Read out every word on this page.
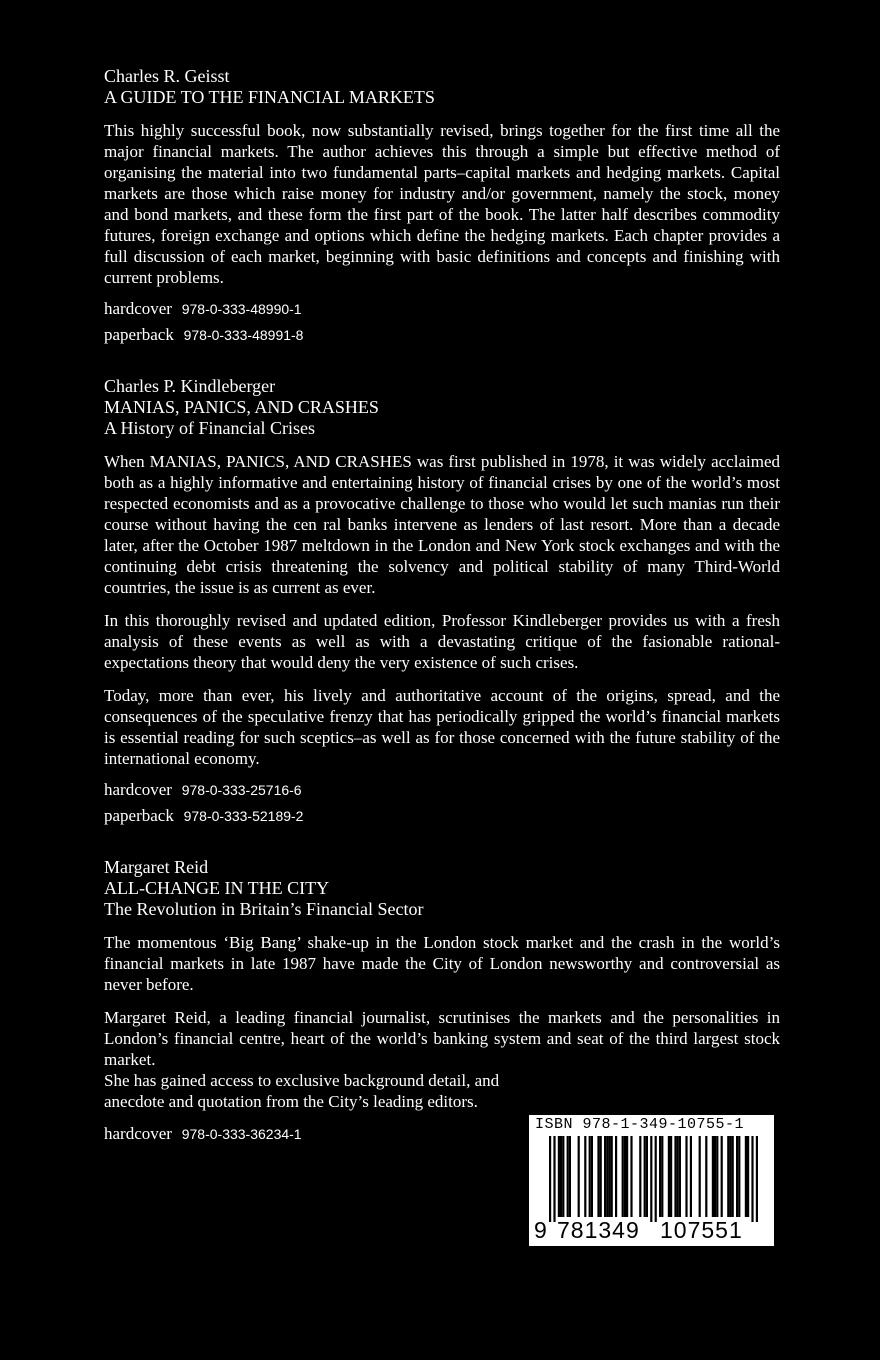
Charles R. Geisst
A GUIDE TO THE FINANCIAL MARKETS

This highly successful book, now substantially revised, brings together for the first time all the major financial markets. The author achieves this through a simple but effective method of organising the material into two fundamental parts–capital markets and hedging markets. Capital markets are those which raise money for industry and/or government, namely the stock, money and bond markets, and these form the first part of the book. The latter half describes commodity futures, foreign exchange and options which define the hedging markets. Each chapter provides a full discussion of each market, beginning with basic definitions and concepts and finishing with current problems.

hardcover 978-0-333-48990-1
paperback 978-0-333-48991-8
Charles P. Kindleberger
MANIAS, PANICS, AND CRASHES
A History of Financial Crises

When MANIAS, PANICS, AND CRASHES was first published in 1978, it was widely acclaimed both as a highly informative and entertaining history of financial crises by one of the world’s most respected economists and as a provocative challenge to those who would let such manias run their course without having the cen ral banks intervene as lenders of last resort. More than a decade later, after the October 1987 meltdown in the London and New York stock exchanges and with the continuing debt crisis threatening the solvency and political stability of many Third-World countries, the issue is as current as ever.

In this thoroughly revised and updated edition, Professor Kindleberger provides us with a fresh analysis of these events as well as with a devastating critique of the fasionable rational-expectations theory that would deny the very existence of such crises.

Today, more than ever, his lively and authoritative account of the origins, spread, and the consequences of the speculative frenzy that has periodically gripped the world’s financial markets is essential reading for such sceptics–as well as for those concerned with the future stability of the international economy.

hardcover 978-0-333-25716-6
paperback 978-0-333-52189-2
Margaret Reid
ALL-CHANGE IN THE CITY
The Revolution in Britain’s Financial Sector

The momentous ‘Big Bang’ shake-up in the London stock market and the crash in the world’s financial markets in late 1987 have made the City of London newsworthy and controversial as never before.

Margaret Reid, a leading financial journalist, scrutinises the markets and the personalities in London’s financial centre, heart of the world’s banking system and seat of the third largest stock market.

She has gained access to exclusive background detail, and anecdote and quotation from the City’s leading editors.

hardcover 978-0-333-36234-1
ISBN 978-1-349-10755-1
9 781349 107551
